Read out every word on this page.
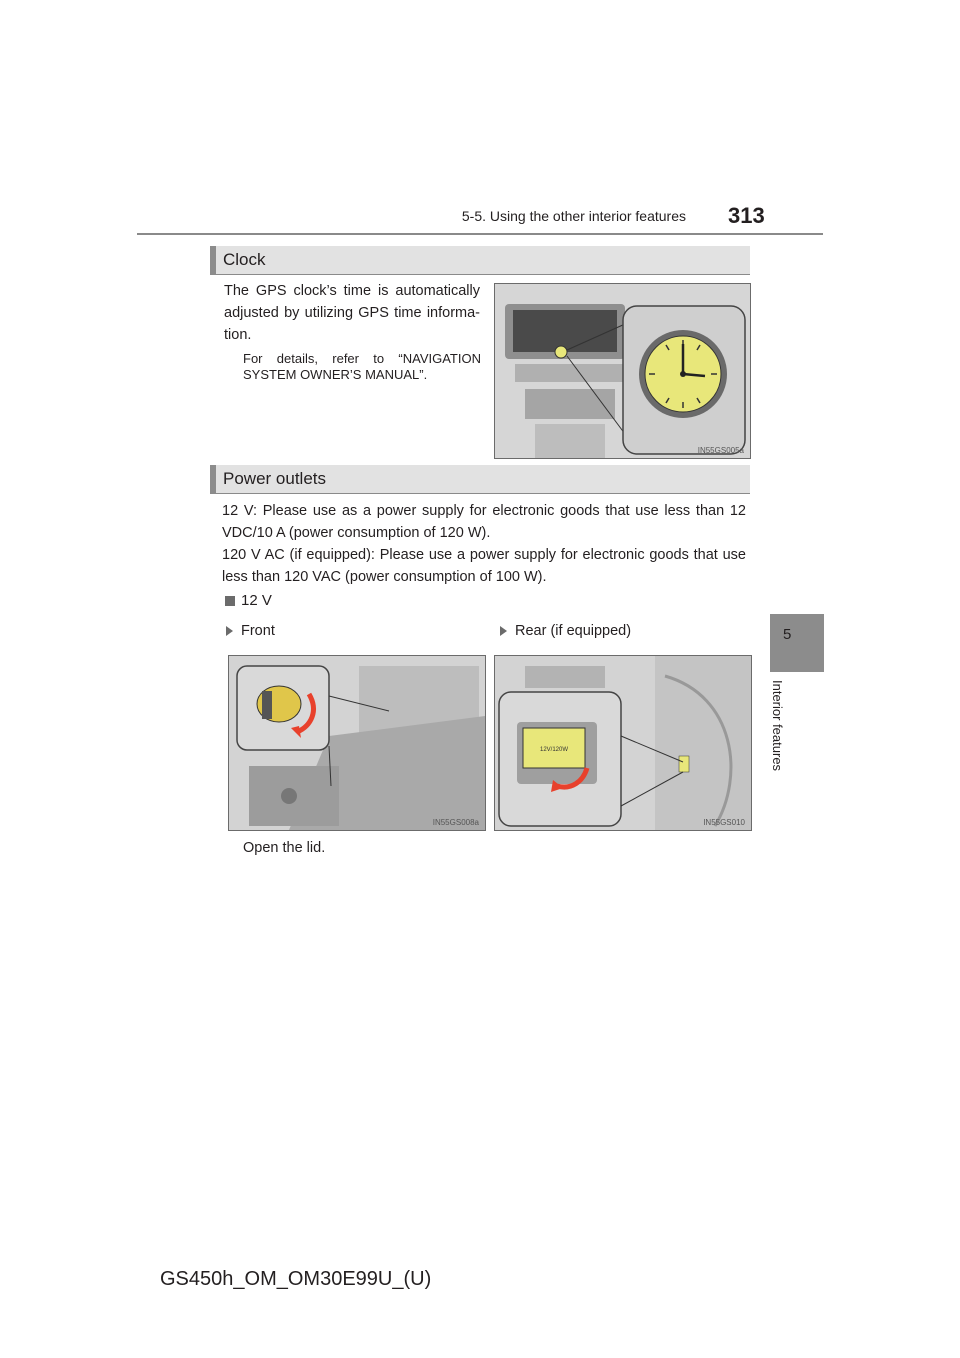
5-5. Using the other interior features 313
5
Interior features
Clock
The GPS clock’s time is automatically adjusted by utilizing GPS time informa-tion.
For details, refer to “NAVIGATION SYSTEM OWNER’S MANUAL”.
IN55GS005a
Power outlets
12 V: Please use as a power supply for electronic goods that use less than 12 VDC/10 A (power consumption of 120 W).
120 V AC (if equipped): Please use a power supply for electronic goods that use less than 120 VAC (power consumption of 100 W).
12 V
Front	Rear (if equipped)
IN55GS008a
12V/120W
IN55GS010
Open the lid.
GS450h_OM_OM30E99U_(U)
